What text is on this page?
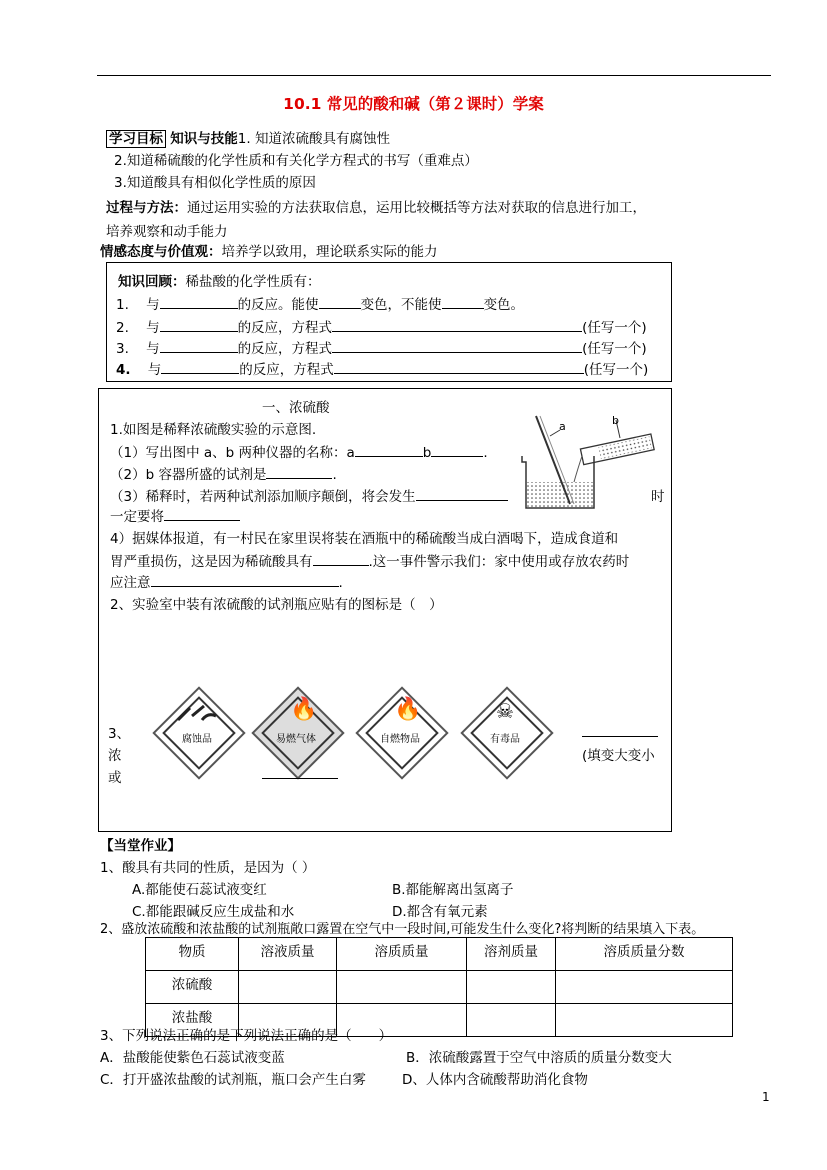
10.1 常见的酸和碱（第２课时）学案
学习目标 知识与技能1. 知道浓硫酸具有腐蚀性
2.知道稀硫酸的化学性质和有关化学方程式的书写（重难点）
3.知道酸具有相似化学性质的原因
过程与方法：通过运用实验的方法获取信息，运用比较概括等方法对获取的信息进行加工，
培养观察和动手能力
情感态度与价值观：培养学以致用，理论联系实际的能力
知识回顾：稀盐酸的化学性质有：
1. 与	的反应。能使	变色，不能使	变色。
2. 与	的反应，方程式	(任写一个)
3. 与	的反应，方程式	(任写一个)
4. 与	的反应，方程式	(任写一个)
一、浓硫酸
1.如图是稀释浓硫酸实验的示意图.
（1）写出图中 a、b 两种仪器的名称：a	b	.
（2）b 容器所盛的试剂是	.
（3）稀释时，若两种试剂添加顺序颠倒，将会发生	时
一定要将
4）据媒体报道，有一村民在家里误将装在酒瓶中的稀硫酸当成白酒喝下，造成食道和
胃严重损伤，这是因为稀硫酸具有	.这一事件警示我们：家中使用或存放农药时
应注意	.
2、实验室中装有浓硫酸的试剂瓶应贴有的图标是（　）
a	b
腐蚀品
🔥
易燃气体
🔥
自燃物品
☠
有毒品
3、
浓	(填变大变小
或
【当堂作业】
1、酸具有共同的性质，是因为（ ）
A.都能使石蕊试液变红	B.都能解离出氢离子
C.都能跟碱反应生成盐和水	D.都含有氧元素
2、盛放浓硫酸和浓盐酸的试剂瓶敞口露置在空气中一段时间,可能发生什么变化?将判断的结果填入下表。
物质	溶液质量	溶质质量	溶剂质量	溶质质量分数
浓硫酸				
浓盐酸				
3、下列说法正确的是下列说法正确的是（　　）
A．盐酸能使紫色石蕊试液变蓝	B．浓硫酸露置于空气中溶质的质量分数变大
C．打开盛浓盐酸的试剂瓶，瓶口会产生白雾	D、人体内含硫酸帮助消化食物
1
